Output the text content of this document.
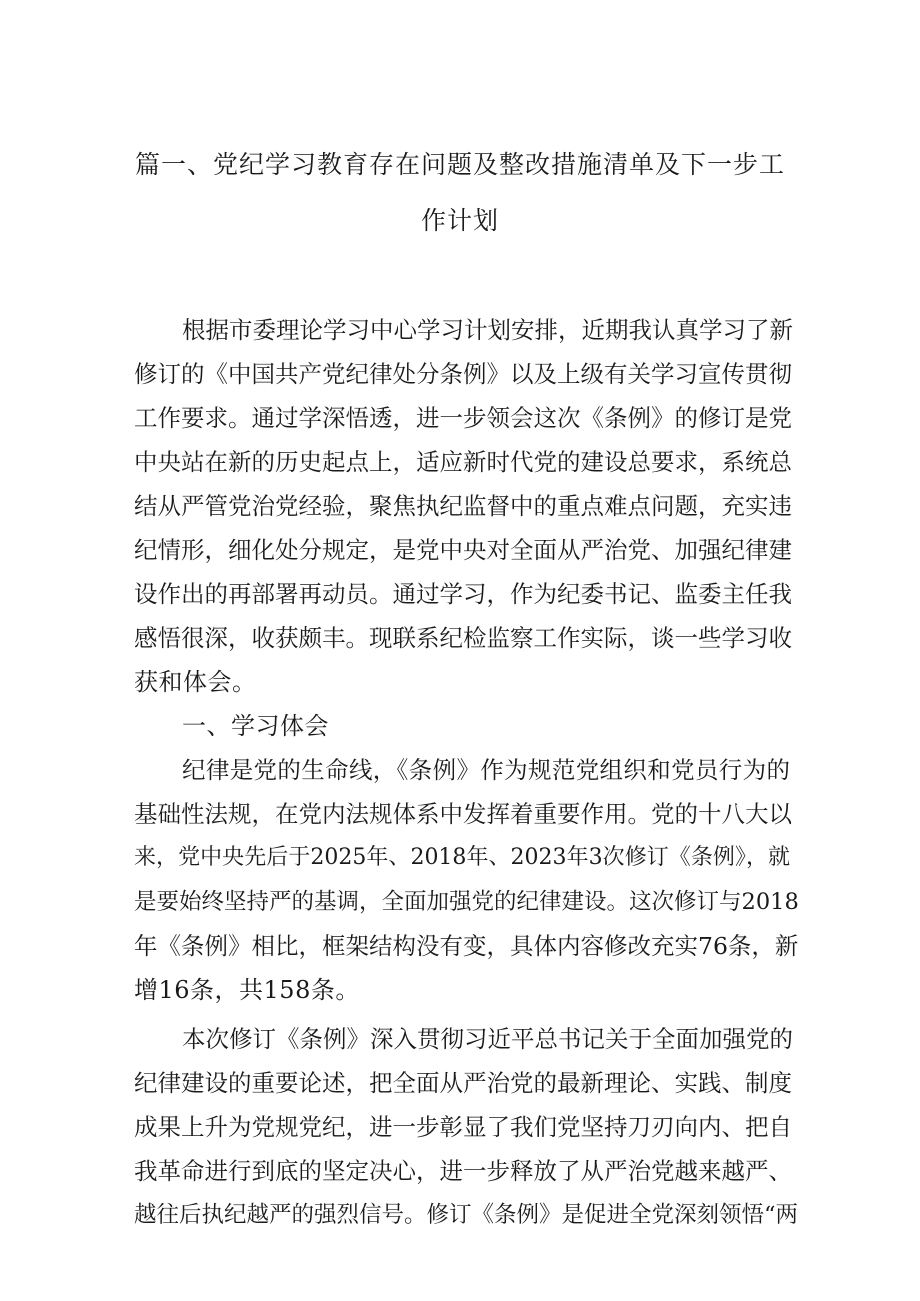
篇一、党纪学习教育存在问题及整改措施清单及下一步工
作计划
根据市委理论学习中心学习计划安排，近期我认真学习了新
修订的《中国共产党纪律处分条例》以及上级有关学习宣传贯彻
工作要求。通过学深悟透，进一步领会这次《条例》的修订是党
中央站在新的历史起点上，适应新时代党的建设总要求，系统总
结从严管党治党经验，聚焦执纪监督中的重点难点问题，充实违
纪情形，细化处分规定，是党中央对全面从严治党、加强纪律建
设作出的再部署再动员。通过学习，作为纪委书记、监委主任我
感悟很深，收获颇丰。现联系纪检监察工作实际，谈一些学习收
获和体会。
一、学习体会
纪律是党的生命线，《条例》作为规范党组织和党员行为的
基础性法规，在党内法规体系中发挥着重要作用。党的十八大以
来，党中央先后于2025年、2018年、2023年3次修订《条例》，就
是要始终坚持严的基调，全面加强党的纪律建设。这次修订与2018
年《条例》相比，框架结构没有变，具体内容修改充实76条，新
增16条，共158条。
本次修订《条例》深入贯彻习近平总书记关于全面加强党的
纪律建设的重要论述，把全面从严治党的最新理论、实践、制度
成果上升为党规党纪，进一步彰显了我们党坚持刀刃向内、把自
我革命进行到底的坚定决心，进一步释放了从严治党越来越严、
越往后执纪越严的强烈信号。修订《条例》是促进全党深刻领悟“两
